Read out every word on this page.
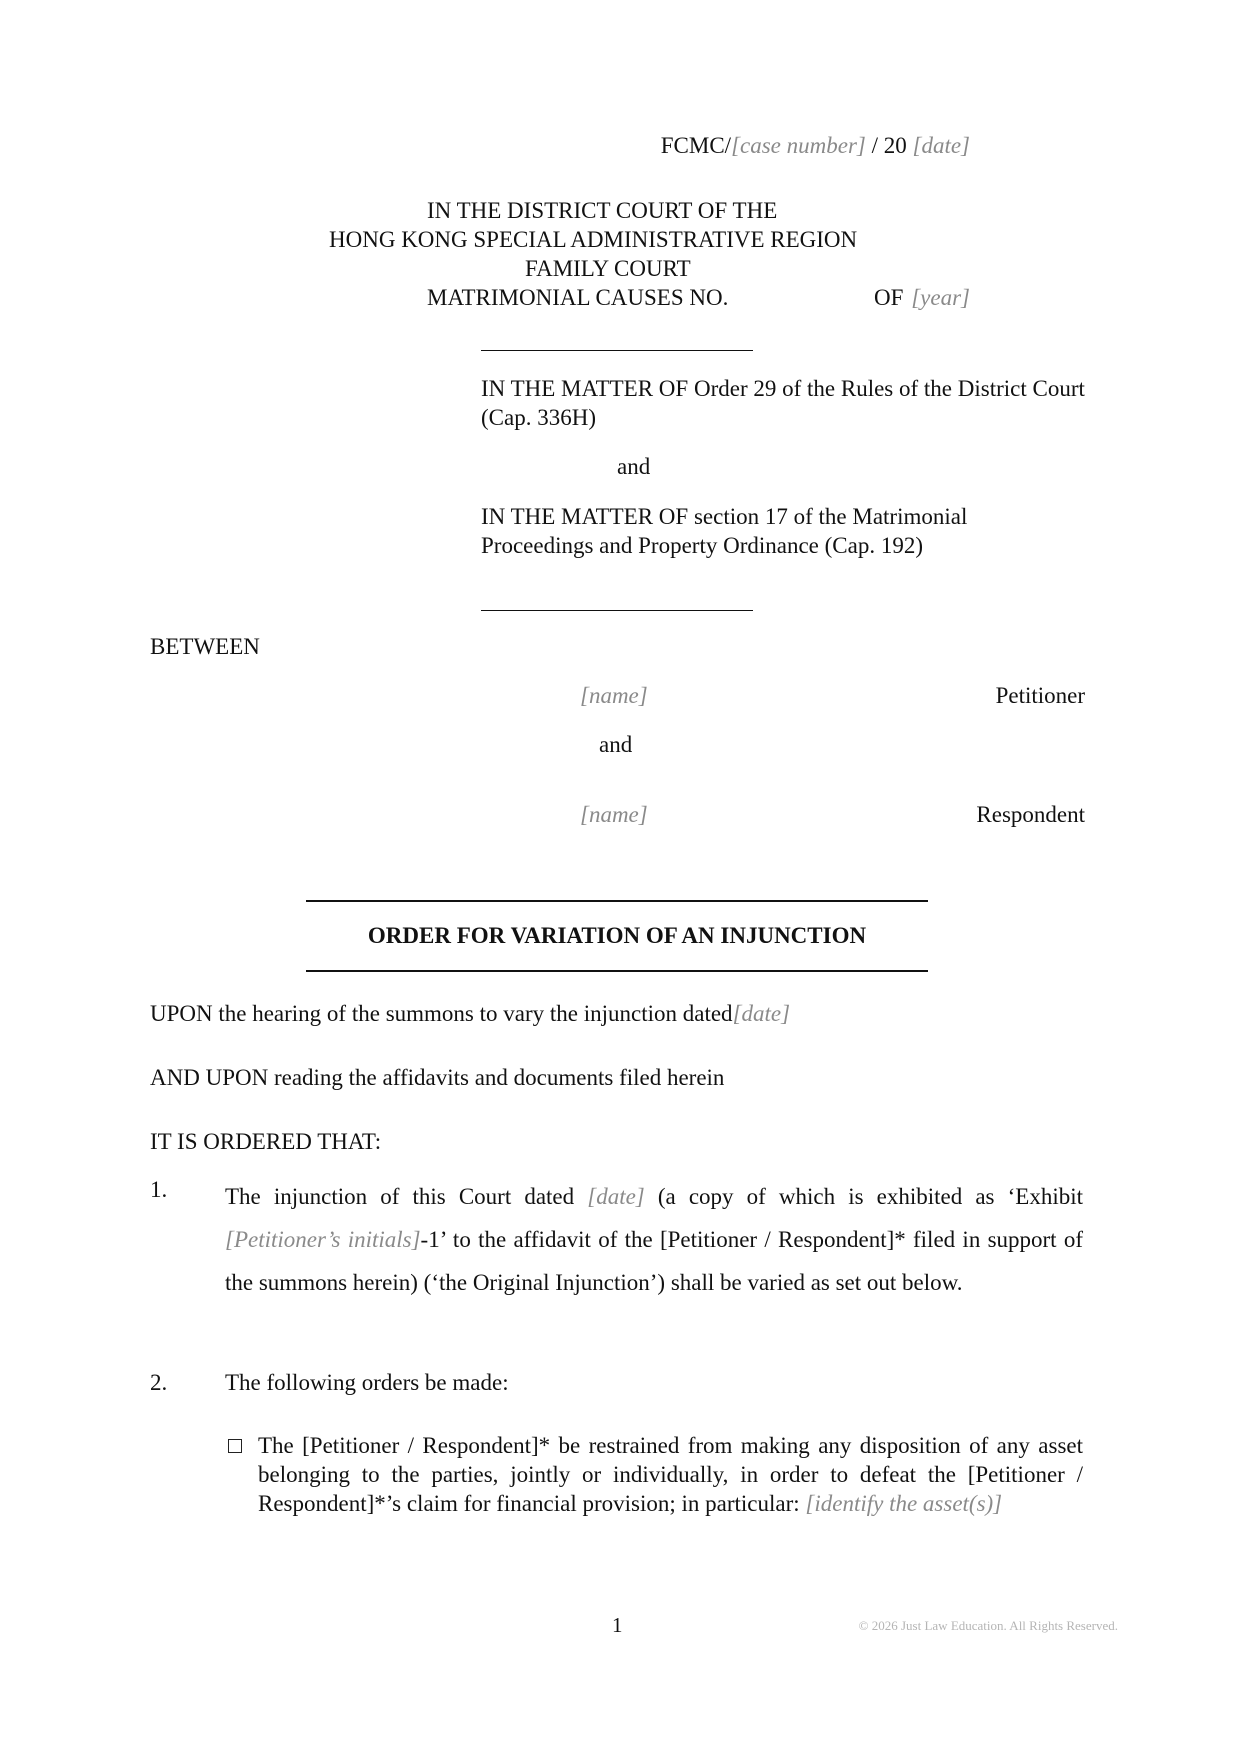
FCMC/[case number] / 20 [date]
IN THE DISTRICT COURT OF THE
HONG KONG SPECIAL ADMINISTRATIVE REGION
FAMILY COURT
MATRIMONIAL CAUSES NO.	OF [year]
IN THE MATTER OF Order 29 of the Rules of the District Court (Cap. 336H)
and
IN THE MATTER OF section 17 of the Matrimonial Proceedings and Property Ordinance (Cap. 192)
BETWEEN
[name]	Petitioner
and
[name]	Respondent
ORDER FOR VARIATION OF AN INJUNCTION
UPON the hearing of the summons to vary the injunction dated[date]
AND UPON reading the affidavits and documents filed herein
IT IS ORDERED THAT:
1.	The injunction of this Court dated [date] (a copy of which is exhibited as ‘Exhibit [Petitioner’s initials]-1’ to the affidavit of the [Petitioner / Respondent]* filed in support of the summons herein) (‘the Original Injunction’) shall be varied as set out below.
2.	The following orders be made:
The [Petitioner / Respondent]* be restrained from making any disposition of any asset belonging to the parties, jointly or individually, in order to defeat the [Petitioner / Respondent]*’s claim for financial provision; in particular: [identify the asset(s)]
1	© 2026 Just Law Education. All Rights Reserved.
